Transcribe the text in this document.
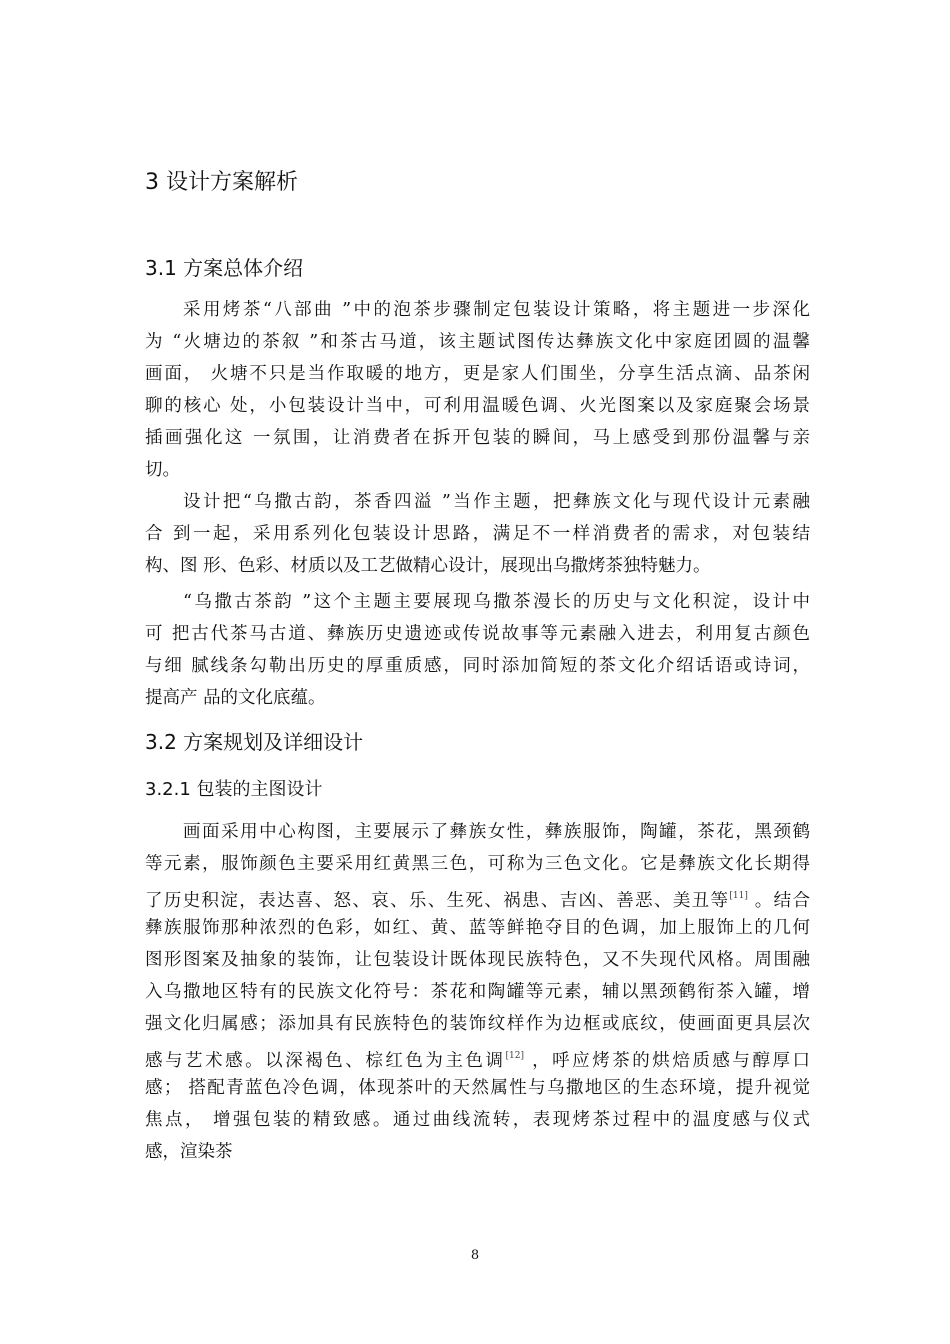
3 设计方案解析
3.1 方案总体介绍
采用烤茶“八部曲 ”中的泡茶步骤制定包装设计策略，将主题进一步深化
为 “火塘边的茶叙 ”和茶古马道，该主题试图传达彝族文化中家庭团圆的温馨
画面， 火塘不只是当作取暖的地方，更是家人们围坐，分享生活点滴、品茶闲
聊的核心 处，小包装设计当中，可利用温暖色调、火光图案以及家庭聚会场景
插画强化这 一氛围，让消费者在拆开包装的瞬间，马上感受到那份温馨与亲
切。
设计把“乌撒古韵，茶香四溢 ”当作主题，把彝族文化与现代设计元素融
合 到一起，采用系列化包装设计思路，满足不一样消费者的需求，对包装结
构、图 形、色彩、材质以及工艺做精心设计，展现出乌撒烤茶独特魅力。
“乌撒古茶韵 ”这个主题主要展现乌撒茶漫长的历史与文化积淀，设计中
可 把古代茶马古道、彝族历史遗迹或传说故事等元素融入进去，利用复古颜色
与细 腻线条勾勒出历史的厚重质感，同时添加简短的茶文化介绍话语或诗词，
提高产 品的文化底蕴。
3.2 方案规划及详细设计
3.2.1 包装的主图设计
画面采用中心构图，主要展示了彝族女性，彝族服饰，陶罐，茶花，黑颈鹤
等元素，服饰颜色主要采用红黄黑三色，可称为三色文化。它是彝族文化长期得
了历史积淀，表达喜、怒、哀、乐、生死、祸患、吉凶、善恶、美丑等[11] 。结合
彝族服饰那种浓烈的色彩，如红、黄、蓝等鲜艳夺目的色调，加上服饰上的几何
图形图案及抽象的装饰，让包装设计既体现民族特色，又不失现代风格。周围融
入乌撒地区特有的民族文化符号：茶花和陶罐等元素，辅以黑颈鹤衔茶入罐，增
强文化归属感；添加具有民族特色的装饰纹样作为边框或底纹，使画面更具层次
感与艺术感。以深褐色、棕红色为主色调[12] ，呼应烤茶的烘焙质感与醇厚口
感； 搭配青蓝色冷色调，体现茶叶的天然属性与乌撒地区的生态环境，提升视觉
焦点， 增强包装的精致感。通过曲线流转，表现烤茶过程中的温度感与仪式
感，渲染茶
8
